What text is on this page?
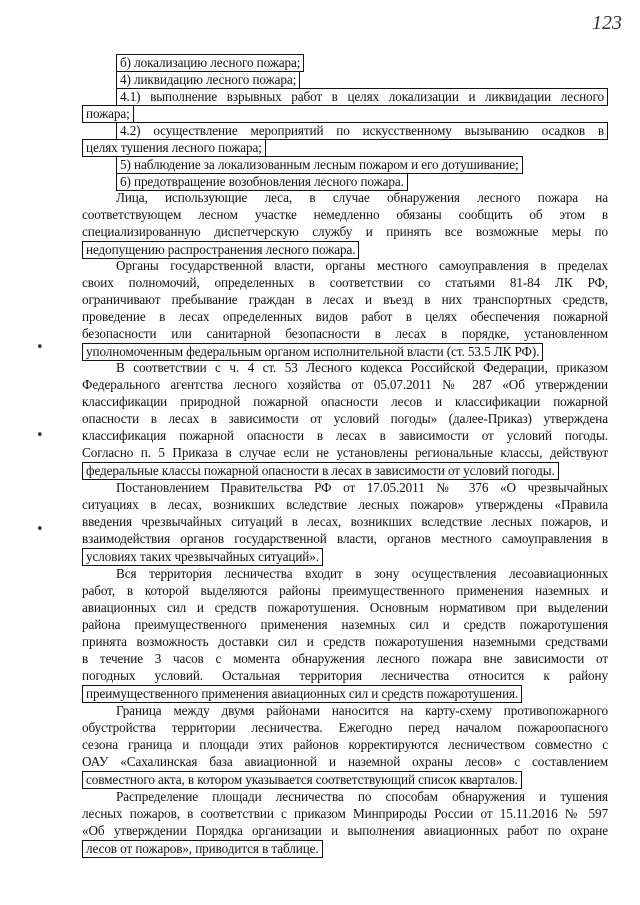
123
•
•
•

б) локализацию лесного пожара;

4) ликвидацию лесного пожара;

4.1) выполнение взрывных работ в целях локализации и ликвидации лесного

пожара;

4.2) осуществление мероприятий по искусственному вызыванию осадков в

целях тушения лесного пожара;

5) наблюдение за локализованным лесным пожаром и его дотушивание;

6) предотвращение возобновления лесного пожара.

Лица, использующие леса, в случае обнаружения лесного пожара на

соответствующем лесном участке немедленно обязаны сообщить об этом в

специализированную диспетчерскую службу и принять все возможные меры по

недопущению распространения лесного пожара.

Органы государственной власти, органы местного самоуправления в пределах

своих полномочий, определенных в соответствии со статьями 81-84 ЛК РФ,

ограничивают пребывание граждан в лесах и въезд в них транспортных средств,

проведение в лесах определенных видов работ в целях обеспечения пожарной

безопасности или санитарной безопасности в лесах в порядке, установленном

уполномоченным федеральным органом исполнительной власти (ст. 53.5 ЛК РФ).

В соответствии с ч. 4 ст. 53 Лесного кодекса Российской Федерации, приказом

Федерального агентства лесного хозяйства от 05.07.2011 № 287 «Об утверждении

классификации природной пожарной опасности лесов и классификации пожарной

опасности в лесах в зависимости от условий погоды» (далее-Приказ) утверждена

классификация пожарной опасности в лесах в зависимости от условий погоды.

Согласно п. 5 Приказа в случае если не установлены региональные классы, действуют

федеральные классы пожарной опасности в лесах в зависимости от условий погоды.

Постановлением Правительства РФ от 17.05.2011 № 376 «О чрезвычайных

ситуациях в лесах, возникших вследствие лесных пожаров» утверждены «Правила

введения чрезвычайных ситуаций в лесах, возникших вследствие лесных пожаров, и

взаимодействия органов государственной власти, органов местного самоуправления в

условиях таких чрезвычайных ситуаций».

Вся территория лесничества входит в зону осуществления лесоавиационных

работ, в которой выделяются районы преимущественного применения наземных и

авиационных сил и средств пожаротушения. Основным нормативом при выделении

района преимущественного применения наземных сил и средств пожаротушения

принята возможность доставки сил и средств пожаротушения наземными средствами

в течение 3 часов с момента обнаружения лесного пожара вне зависимости от

погодных условий. Остальная территория лесничества относится к району

преимущественного применения авиационных сил и средств пожаротушения.

Граница между двумя районами наносится на карту-схему противопожарного

обустройства территории лесничества. Ежегодно перед началом пожароопасного

сезона граница и площади этих районов корректируются лесничеством совместно с

ОАУ «Сахалинская база авиационной и наземной охраны лесов» с составлением

совместного акта, в котором указывается соответствующий список кварталов.

Распределение площади лесничества по способам обнаружения и тушения

лесных пожаров, в соответствии с приказом Минприроды России от 15.11.2016 № 597

«Об утверждении Порядка организации и выполнения авиационных работ по охране

лесов от пожаров», приводится в таблице.
